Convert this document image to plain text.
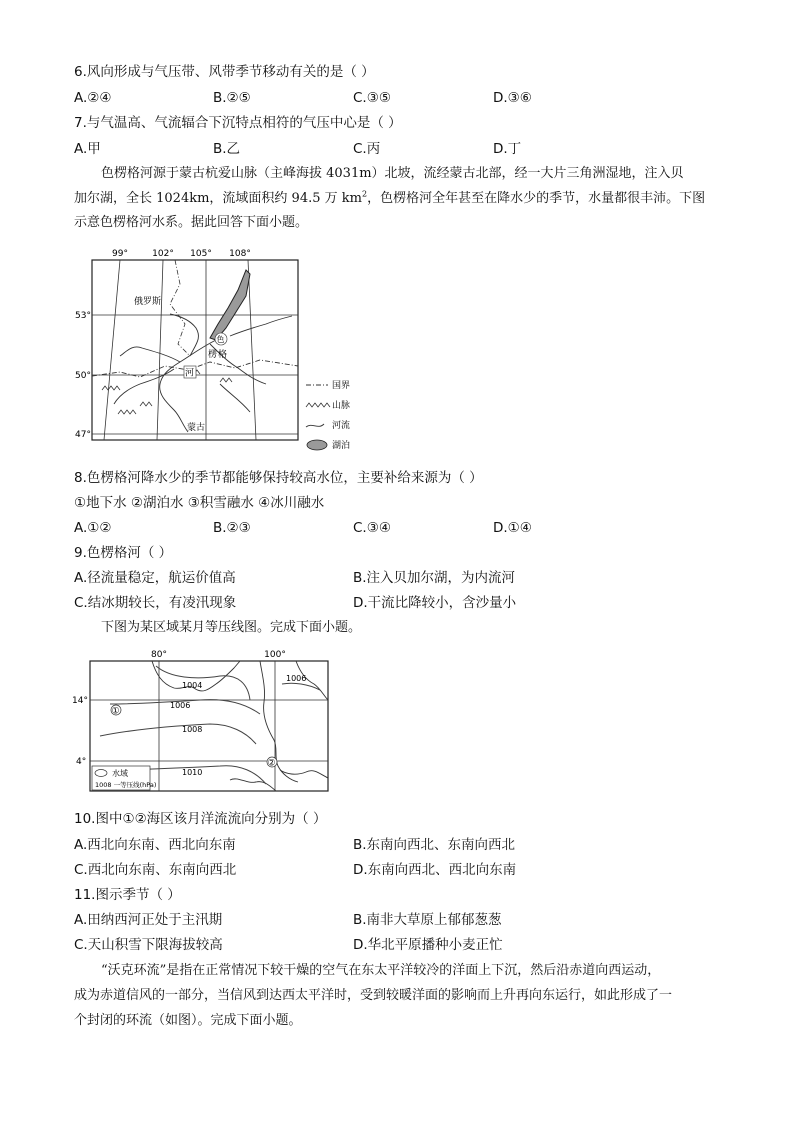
6.风向形成与气压带、风带季节移动有关的是（ ）
A.②④	B.②⑤	C.③⑤	D.③⑥
7.与气温高、气流辐合下沉特点相符的气压中心是（ ）
A.甲	B.乙	C.丙	D.丁
色楞格河源于蒙古杭爱山脉（主峰海拔 4031m）北坡，流经蒙古北部，经一大片三角洲湿地，注入贝
加尔湖，全长 1024km，流域面积约 94.5 万 $km^2$，色楞格河全年甚至在降水少的季节，水量都很丰沛。下图
示意色楞格河水系。据此回答下面小题。
99°	102° 105° 108°
53°
50°
47°
俄罗斯
色
楞 格
河
蒙古
国界
山脉
河流
湖泊
8.色楞格河降水少的季节都能够保持较高水位，主要补给来源为（ ）
①地下水 ②湖泊水 ③积雪融水 ④冰川融水
A.①②	B.②③	C.③④	D.①④
9.色楞格河（ ）
A.径流量稳定，航运价值高	B.注入贝加尔湖，为内流河
C.结冰期较长，有凌汛现象	D.干流比降较小，含沙量小
下图为某区域某月等压线图。完成下面小题。
80°	100°
14°
4°
1004
1006
1008
1010
1006
①
②
水域
1008 一等压线(hPa)
10.图中①②海区该月洋流流向分别为（ ）
A.西北向东南、西北向东南	B.东南向西北、东南向西北
C.西北向东南、东南向西北	D.东南向西北、西北向东南
11.图示季节（ ）
A.田纳西河正处于主汛期	B.南非大草原上郁郁葱葱
C.天山积雪下限海拔较高	D.华北平原播种小麦正忙
“沃克环流”是指在正常情况下较干燥的空气在东太平洋较冷的洋面上下沉，然后沿赤道向西运动，
成为赤道信风的一部分，当信风到达西太平洋时，受到较暖洋面的影响而上升再向东运行，如此形成了一
个封闭的环流（如图）。完成下面小题。
